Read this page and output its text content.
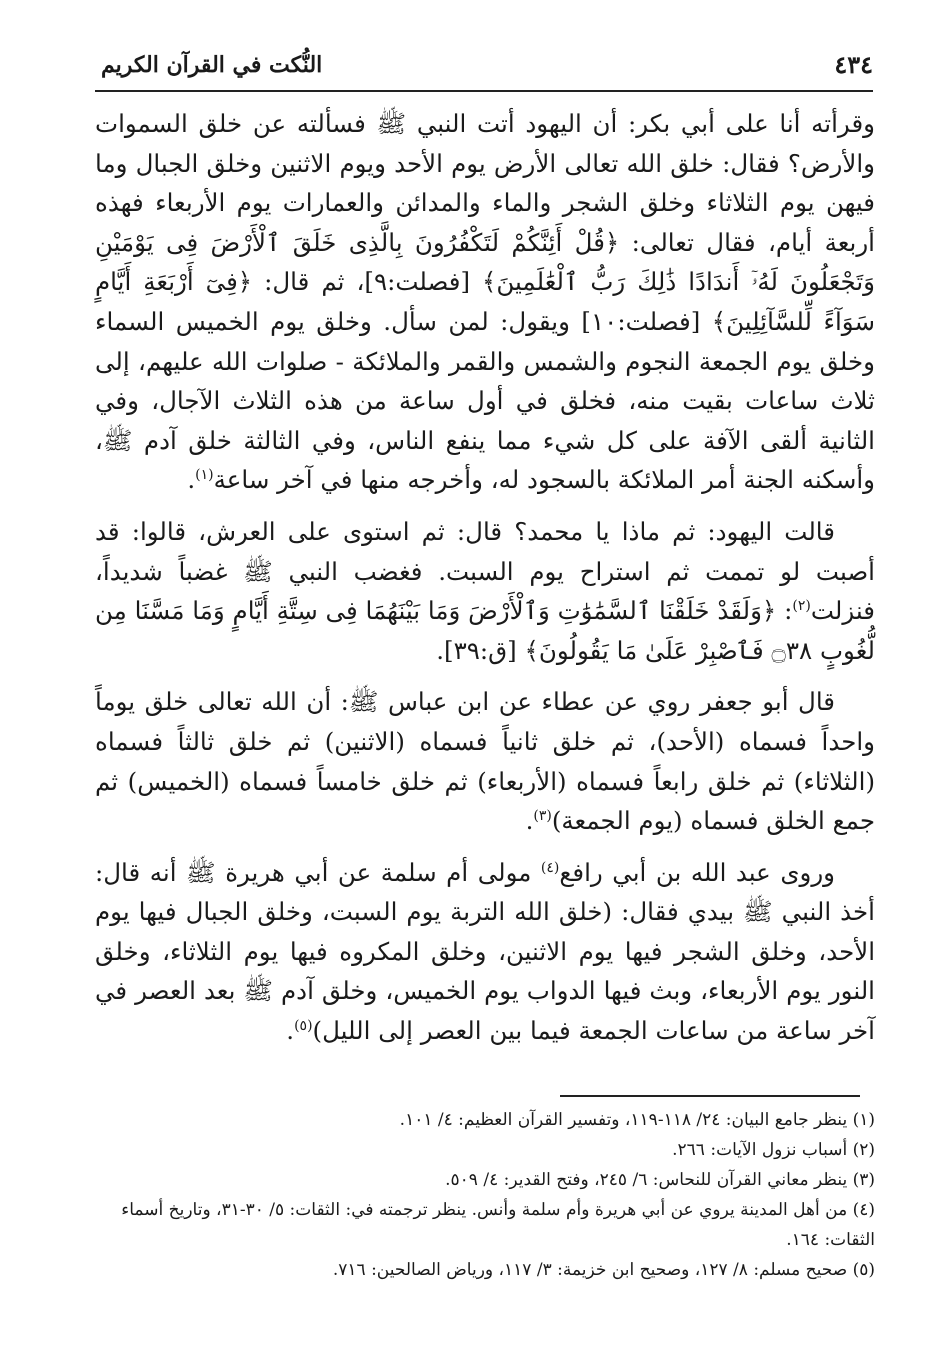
٤٣٤
النُّكت في القرآن الكريم

وقرأته أنا على أبي بكر: أن اليهود أتت النبي ﷺ فسألته عن خلق السموات والأرض؟ فقال: خلق الله تعالى الأرض يوم الأحد ويوم الاثنين وخلق الجبال وما فيهن يوم الثلاثاء وخلق الشجر والماء والمدائن والعمارات يوم الأربعاء فهذه أربعة أيام، فقال تعالى: ﴿قُلْ أَئِنَّكُمْ لَتَكْفُرُونَ بِالَّذِى خَلَقَ ٱلْأَرْضَ فِى يَوْمَيْنِ وَتَجْعَلُونَ لَهُۥٓ أَندَادًا ذَٰلِكَ رَبُّ ٱلْعَٰلَمِينَ﴾ [فصلت:٩]، ثم قال: ﴿فِىٓ أَرْبَعَةِ أَيَّامٍ سَوَآءً لِّلسَّآئِلِينَ﴾ [فصلت:١٠] ويقول: لمن سأل. وخلق يوم الخميس السماء وخلق يوم الجمعة النجوم والشمس والقمر والملائكة - صلوات الله عليهم، إلى ثلاث ساعات بقيت منه، فخلق في أول ساعة من هذه الثلاث الآجال، وفي الثانية ألقى الآفة على كل شيء مما ينفع الناس، وفي الثالثة خلق آدم ﷺ، وأسكنه الجنة أمر الملائكة بالسجود له، وأخرجه منها في آخر ساعة$^{(١)}$.

قالت اليهود: ثم ماذا يا محمد؟ قال: ثم استوى على العرش، قالوا: قد أصبت لو تممت ثم استراح يوم السبت. فغضب النبي ﷺ غضباً شديداً، فنزلت$^{(٢)}$: ﴿وَلَقَدْ خَلَقْنَا ٱلسَّمَٰوَٰتِ وَٱلْأَرْضَ وَمَا بَيْنَهُمَا فِى سِتَّةِ أَيَّامٍ وَمَا مَسَّنَا مِن لُّغُوبٍ ۝٣٨ فَٱصْبِرْ عَلَىٰ مَا يَقُولُونَ﴾ [ق:٣٩].

قال أبو جعفر روي عن عطاء عن ابن عباس ﷺ: أن الله تعالى خلق يوماً واحداً فسماه (الأحد)، ثم خلق ثانياً فسماه (الاثنين) ثم خلق ثالثاً فسماه (الثلاثاء) ثم خلق رابعاً فسماه (الأربعاء) ثم خلق خامساً فسماه (الخميس) ثم جمع الخلق فسماه (يوم الجمعة)$^{(٣)}$.

وروى عبد الله بن أبي رافع$^{(٤)}$ مولى أم سلمة عن أبي هريرة ﷺ أنه قال: أخذ النبي ﷺ بيدي فقال: (خلق الله التربة يوم السبت، وخلق الجبال فيها يوم الأحد، وخلق الشجر فيها يوم الاثنين، وخلق المكروه فيها يوم الثلاثاء، وخلق النور يوم الأربعاء، وبث فيها الدواب يوم الخميس، وخلق آدم ﷺ بعد العصر في آخر ساعة من ساعات الجمعة فيما بين العصر إلى الليل)$^{(٥)}$.

(١) ينظر جامع البيان: ٢٤/ ١١٨-١١٩، وتفسير القرآن العظيم: ٤/ ١٠١.
(٢) أسباب نزول الآيات: ٢٦٦.
(٣) ينظر معاني القرآن للنحاس: ٦/ ٢٤٥، وفتح القدير: ٤/ ٥٠٩.
(٤) من أهل المدينة يروي عن أبي هريرة وأم سلمة وأنس. ينظر ترجمته في: الثقات: ٥/ ٣٠-٣١، وتاريخ أسماء الثقات: ١٦٤.
(٥) صحيح مسلم: ٨/ ١٢٧، وصحيح ابن خزيمة: ٣/ ١١٧، ورياض الصالحين: ٧١٦.
